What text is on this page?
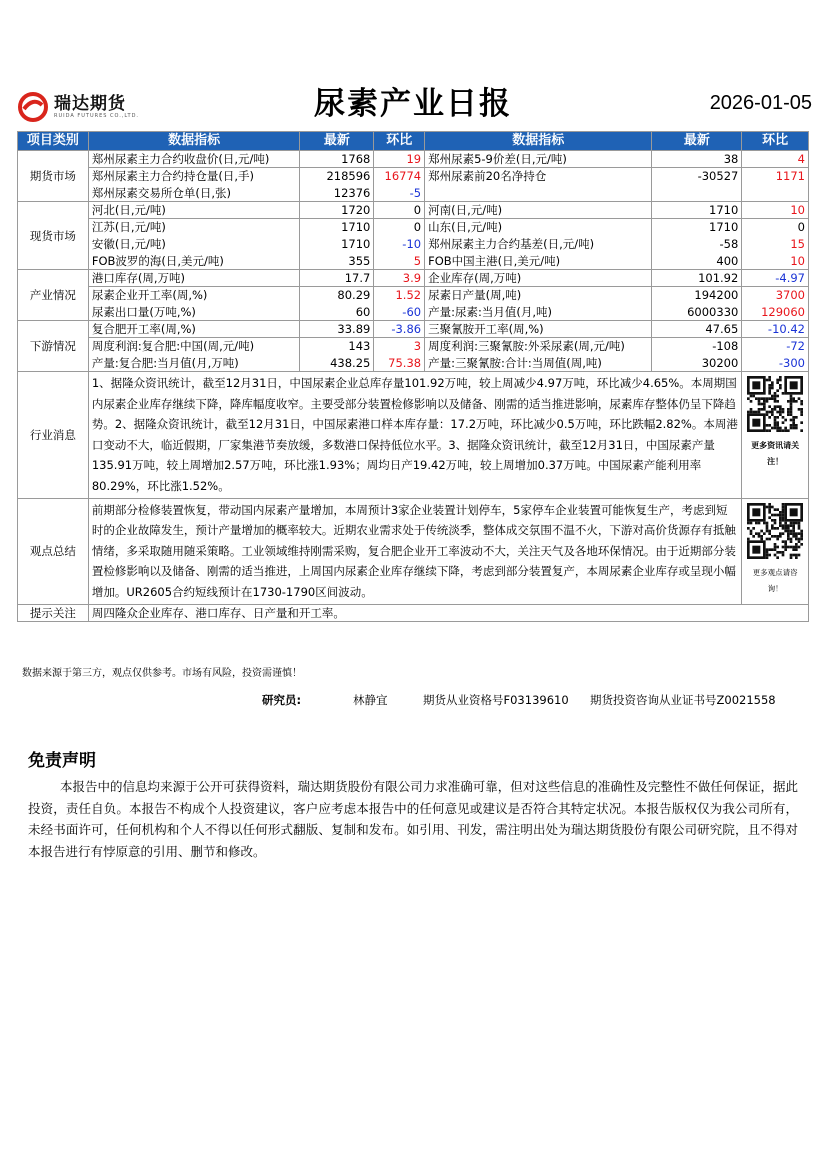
瑞达期货
RUIDA FUTURES CO.,LTD.	尿素产业日报	2026-01-05
项目类别	数据指标	最新	环比	数据指标	最新	环比
期货市场	郑州尿素主力合约收盘价(日,元/吨)	1768	19	郑州尿素5-9价差(日,元/吨)	38	4
	郑州尿素主力合约持仓量(日,手)	218596	16774	郑州尿素前20名净持仓	-30527	1171
	郑州尿素交易所仓单(日,张)	12376	-5			
现货市场	河北(日,元/吨)	1720	0	河南(日,元/吨)	1710	10
	江苏(日,元/吨)	1710	0	山东(日,元/吨)	1710	0
	安徽(日,元/吨)	1710	-10	郑州尿素主力合约基差(日,元/吨)	-58	15
	FOB波罗的海(日,美元/吨)	355	5	FOB中国主港(日,美元/吨)	400	10
产业情况	港口库存(周,万吨)	17.7	3.9	企业库存(周,万吨)	101.92	-4.97
	尿素企业开工率(周,%)	80.29	1.52	尿素日产量(周,吨)	194200	3700
	尿素出口量(万吨,%)	60	-60	产量:尿素:当月值(月,吨)	6000330	129060
下游情况	复合肥开工率(周,%)	33.89	-3.86	三聚氰胺开工率(周,%)	47.65	-10.42
	周度利润:复合肥:中国(周,元/吨)	143	3	周度利润:三聚氰胺:外采尿素(周,元/吨)	-108	-72
	产量:复合肥:当月值(月,万吨)	438.25	75.38	产量:三聚氰胺:合计:当周值(周,吨)	30200	-300
行业消息	1、据隆众资讯统计，截至12月31日，中国尿素企业总库存量101.92万吨，较上周减少4.97万吨，环比减少4.65%。本周期国内尿素企业库存继续下降，降库幅度收窄。主要受部分装置检修影响以及储备、刚需的适当推进影响，尿素库存整体仍呈下降趋势。2、据隆众资讯统计，截至12月31日，中国尿素港口样本库存量：17.2万吨，环比减少0.5万吨，环比跌幅2.82%。本周港口变动不大，临近假期，厂家集港节奏放缓，多数港口保持低位水平。3、据隆众资讯统计，截至12月31日，中国尿素产量135.91万吨，较上周增加2.57万吨，环比涨1.93%；周均日产19.42万吨，较上周增加0.37万吨。中国尿素产能利用率80.29%，环比涨1.52%。					更多资讯请关注！

观点总结	前期部分检修装置恢复，带动国内尿素产量增加，本周预计3家企业装置计划停车，5家停车企业装置可能恢复生产，考虑到短时的企业故障发生，预计产量增加的概率较大。近期农业需求处于传统淡季，整体成交氛围不温不火，下游对高价货源存有抵触情绪，多采取随用随采策略。工业领域维持刚需采购，复合肥企业开工率波动不大，关注天气及各地环保情况。由于近期部分装置检修影响以及储备、刚需的适当推进，上周国内尿素企业库存继续下降，考虑到部分装置复产，本周尿素企业库存或呈现小幅增加。UR2605合约短线预计在1730-1790区间波动。					更多观点请咨询！

提示关注	周四隆众企业库存、港口库存、日产量和开工率。					
数据来源于第三方，观点仅供参考。市场有风险，投资需谨慎！
研究员:	林静宜	期货从业资格号F03139610 期货投资咨询从业证书号Z0021558
免责声明
本报告中的信息均来源于公开可获得资料，瑞达期货股份有限公司力求准确可靠，但对这些信息的准确性及完整性不做任何保证，据此投资，责任自负。本报告不构成个人投资建议，客户应考虑本报告中的任何意见或建议是否符合其特定状况。本报告版权仅为我公司所有，未经书面许可，任何机构和个人不得以任何形式翻版、复制和发布。如引用、刊发，需注明出处为瑞达期货股份有限公司研究院，且不得对本报告进行有悖原意的引用、删节和修改。
